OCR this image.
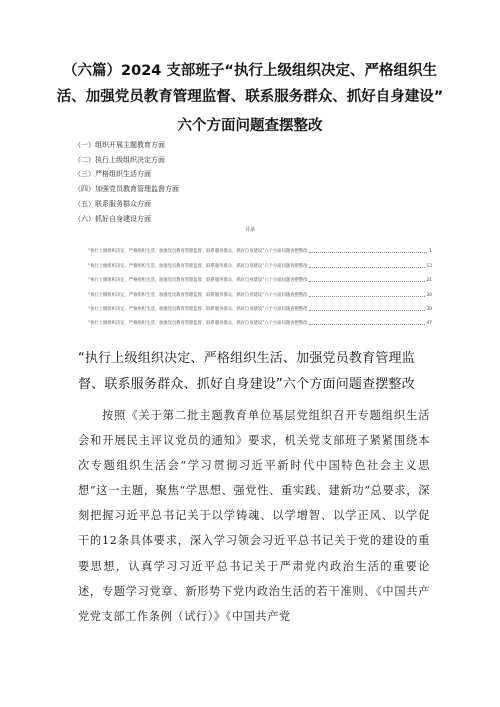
（六篇）2024 支部班子“执行上级组织决定、严格组织生
活、加强党员教育管理监督、联系服务群众、抓好自身建设”
六个方面问题查摆整改
（一）组织开展主题教育方面
（二）执行上级组织决定方面
（三）严格组织生活方面
（四）加强党员教育管理监督方面
（五）联系服务群众方面
（六）抓好自身建设方面
目录
“执行上级组织决定、严格组织生活、加强党员教育管理监督、联系服务群众、抓好自身建设”六个方面问题查摆整改	1
“执行上级组织决定、严格组织生活、加强党员教育管理监督、联系服务群众、抓好自身建设”六个方面问题查摆整改	12
“执行上级组织决定、严格组织生活、加强党员教育管理监督、联系服务群众、抓好自身建设”六个方面问题查摆整改	21
“执行上级组织决定、严格组织生活、加强党员教育管理监督、联系服务群众、抓好自身建设”六个方面问题查摆整改	30
“执行上级组织决定、严格组织生活、加强党员教育管理监督、联系服务群众、抓好自身建设”六个方面问题查摆整改	39
“执行上级组织决定、严格组织生活、加强党员教育管理监督、联系服务群众、抓好自身建设”六个方面问题查摆整改	47
“执行上级组织决定、严格组织生活、加强党员教育管理监督、联系服务群众、抓好自身建设”六个方面问题查摆整改
按照《关于第二批主题教育单位基层党组织召开专题组织生活会和开展民主评议党员的通知》要求，机关党支部班子紧紧围绕本次专题组织生活会“学习贯彻习近平新时代中国特色社会主义思想”这一主题，聚焦“学思想、强党性、重实践、建新功”总要求，深刻把握习近平总书记关于以学铸魂、以学增智、以学正风、以学促干的12条具体要求，深入学习领会习近平总书记关于党的建设的重要思想，认真学习习近平总书记关于严肃党内政治生活的重要论述，专题学习党章、新形势下党内政治生活的若干准则、《中国共产党党支部工作条例（试行）》《中国共产党
